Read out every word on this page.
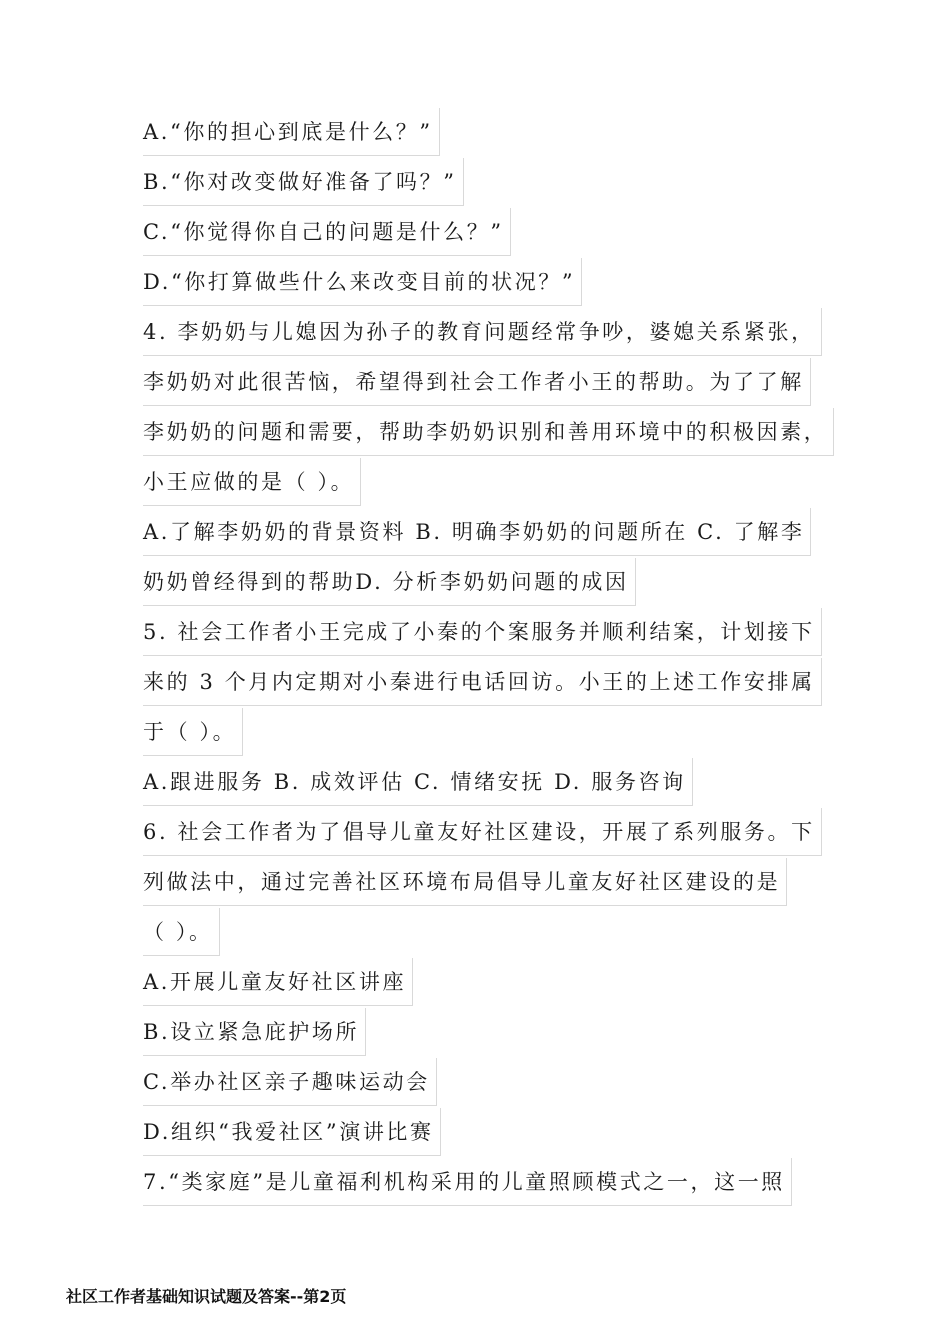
A.“你的担心到底是什么？”
B.“你对改变做好准备了吗？”
C.“你觉得你自己的问题是什么？”
D.“你打算做些什么来改变目前的状况？”
4. 李奶奶与儿媳因为孙子的教育问题经常争吵，婆媳关系紧张，
李奶奶对此很苦恼，希望得到社会工作者小王的帮助。为了了解
李奶奶的问题和需要，帮助李奶奶识别和善用环境中的积极因素，
小王应做的是（ ）。
A.了解李奶奶的背景资料 B. 明确李奶奶的问题所在 C. 了解李
奶奶曾经得到的帮助D. 分析李奶奶问题的成因
5. 社会工作者小王完成了小秦的个案服务并顺利结案，计划接下
来的 3 个月内定期对小秦进行电话回访。小王的上述工作安排属
于（ ）。
A.跟进服务 B. 成效评估 C. 情绪安抚 D. 服务咨询
6. 社会工作者为了倡导儿童友好社区建设，开展了系列服务。下
列做法中，通过完善社区环境布局倡导儿童友好社区建设的是
（ ）。
A.开展儿童友好社区讲座
B.设立紧急庇护场所
C.举办社区亲子趣味运动会
D.组织“我爱社区”演讲比赛
7.“类家庭”是儿童福利机构采用的儿童照顾模式之一，这一照
社区工作者基础知识试题及答案--第2页
